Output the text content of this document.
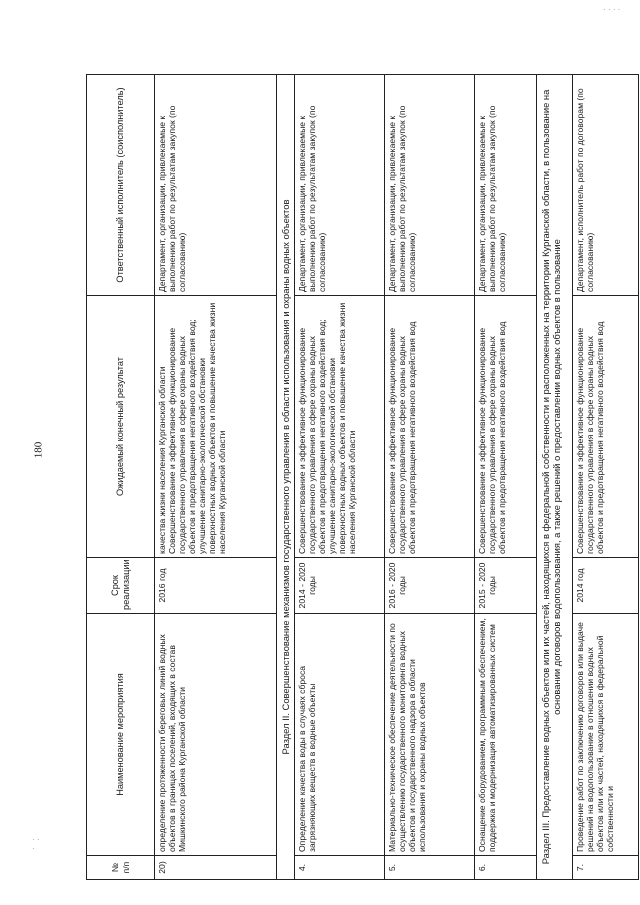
180
· ·
·
· · · ·
№ п/п	Наименование мероприятия	Срок реализации	Ожидаемый конечный результат	Ответственный исполнитель (соисполнитель)
20)	определение протяженности береговых линий водных объектов в границах поселений, входящих в состав Мишкинского района Курганской области	2016 год	качества жизни населения Курганской области
Совершенствование и эффективное функционирование государственного управления в сфере охраны водных объектов и предотвращения негативного воздействия вод;
улучшение санитарно-экологической обстановки поверхностных водных объектов и повышение качества жизни населения Курганской области	Департамент, организации, привлекаемые к выполнению работ по результатам закупок (по согласованию)
Раздел II. Совершенствование механизмов государственного управления в области использования и охраны водных объектов				
4.	Определение качества воды в случаях сброса загрязняющих веществ в водные объекты	2014 - 2020 годы	Совершенствование и эффективное функционирование государственного управления в сфере охраны водных объектов и предотвращения негативного воздействия вод;
улучшение санитарно-экологической обстановки поверхностных водных объектов и повышение качества жизни населения Курганской области	Департамент, организации, привлекаемые к выполнению работ по результатам закупок (по согласованию)
5.	Материально-техническое обеспечение деятельности по осуществлению государственного мониторинга водных объектов и государственного надзора в области использования и охраны водных объектов	2016 - 2020 годы	Совершенствование и эффективное функционирование государственного управления в сфере охраны водных объектов и предотвращения негативного воздействия вод	Департамент, организации, привлекаемые к выполнению работ по результатам закупок (по согласованию)
6.	Оснащение оборудованием, программным обеспечением, поддержка и модернизация автоматизированных систем	2015 - 2020 годы	Совершенствование и эффективное функционирование государственного управления в сфере охраны водных объектов и предотвращения негативного воздействия вод	Департамент, организации, привлекаемые к выполнению работ по результатам закупок (по согласованию)
Раздел III. Предоставление водных объектов или их частей, находящихся в федеральной собственности и расположенных на территории Курганской области, в пользование на основании договоров водопользования, а также решений о предоставлении водных объектов в пользование				
7.	Проведение работ по заключению договоров или выдаче решений на водопользование в отношении водных объектов или их частей, находящихся в федеральной собственности и	2014 год	Совершенствование и эффективное функционирование государственного управления в сфере охраны водных объектов и предотвращения негативного воздействия вод	Департамент, исполнитель работ по договорам (по согласованию)
